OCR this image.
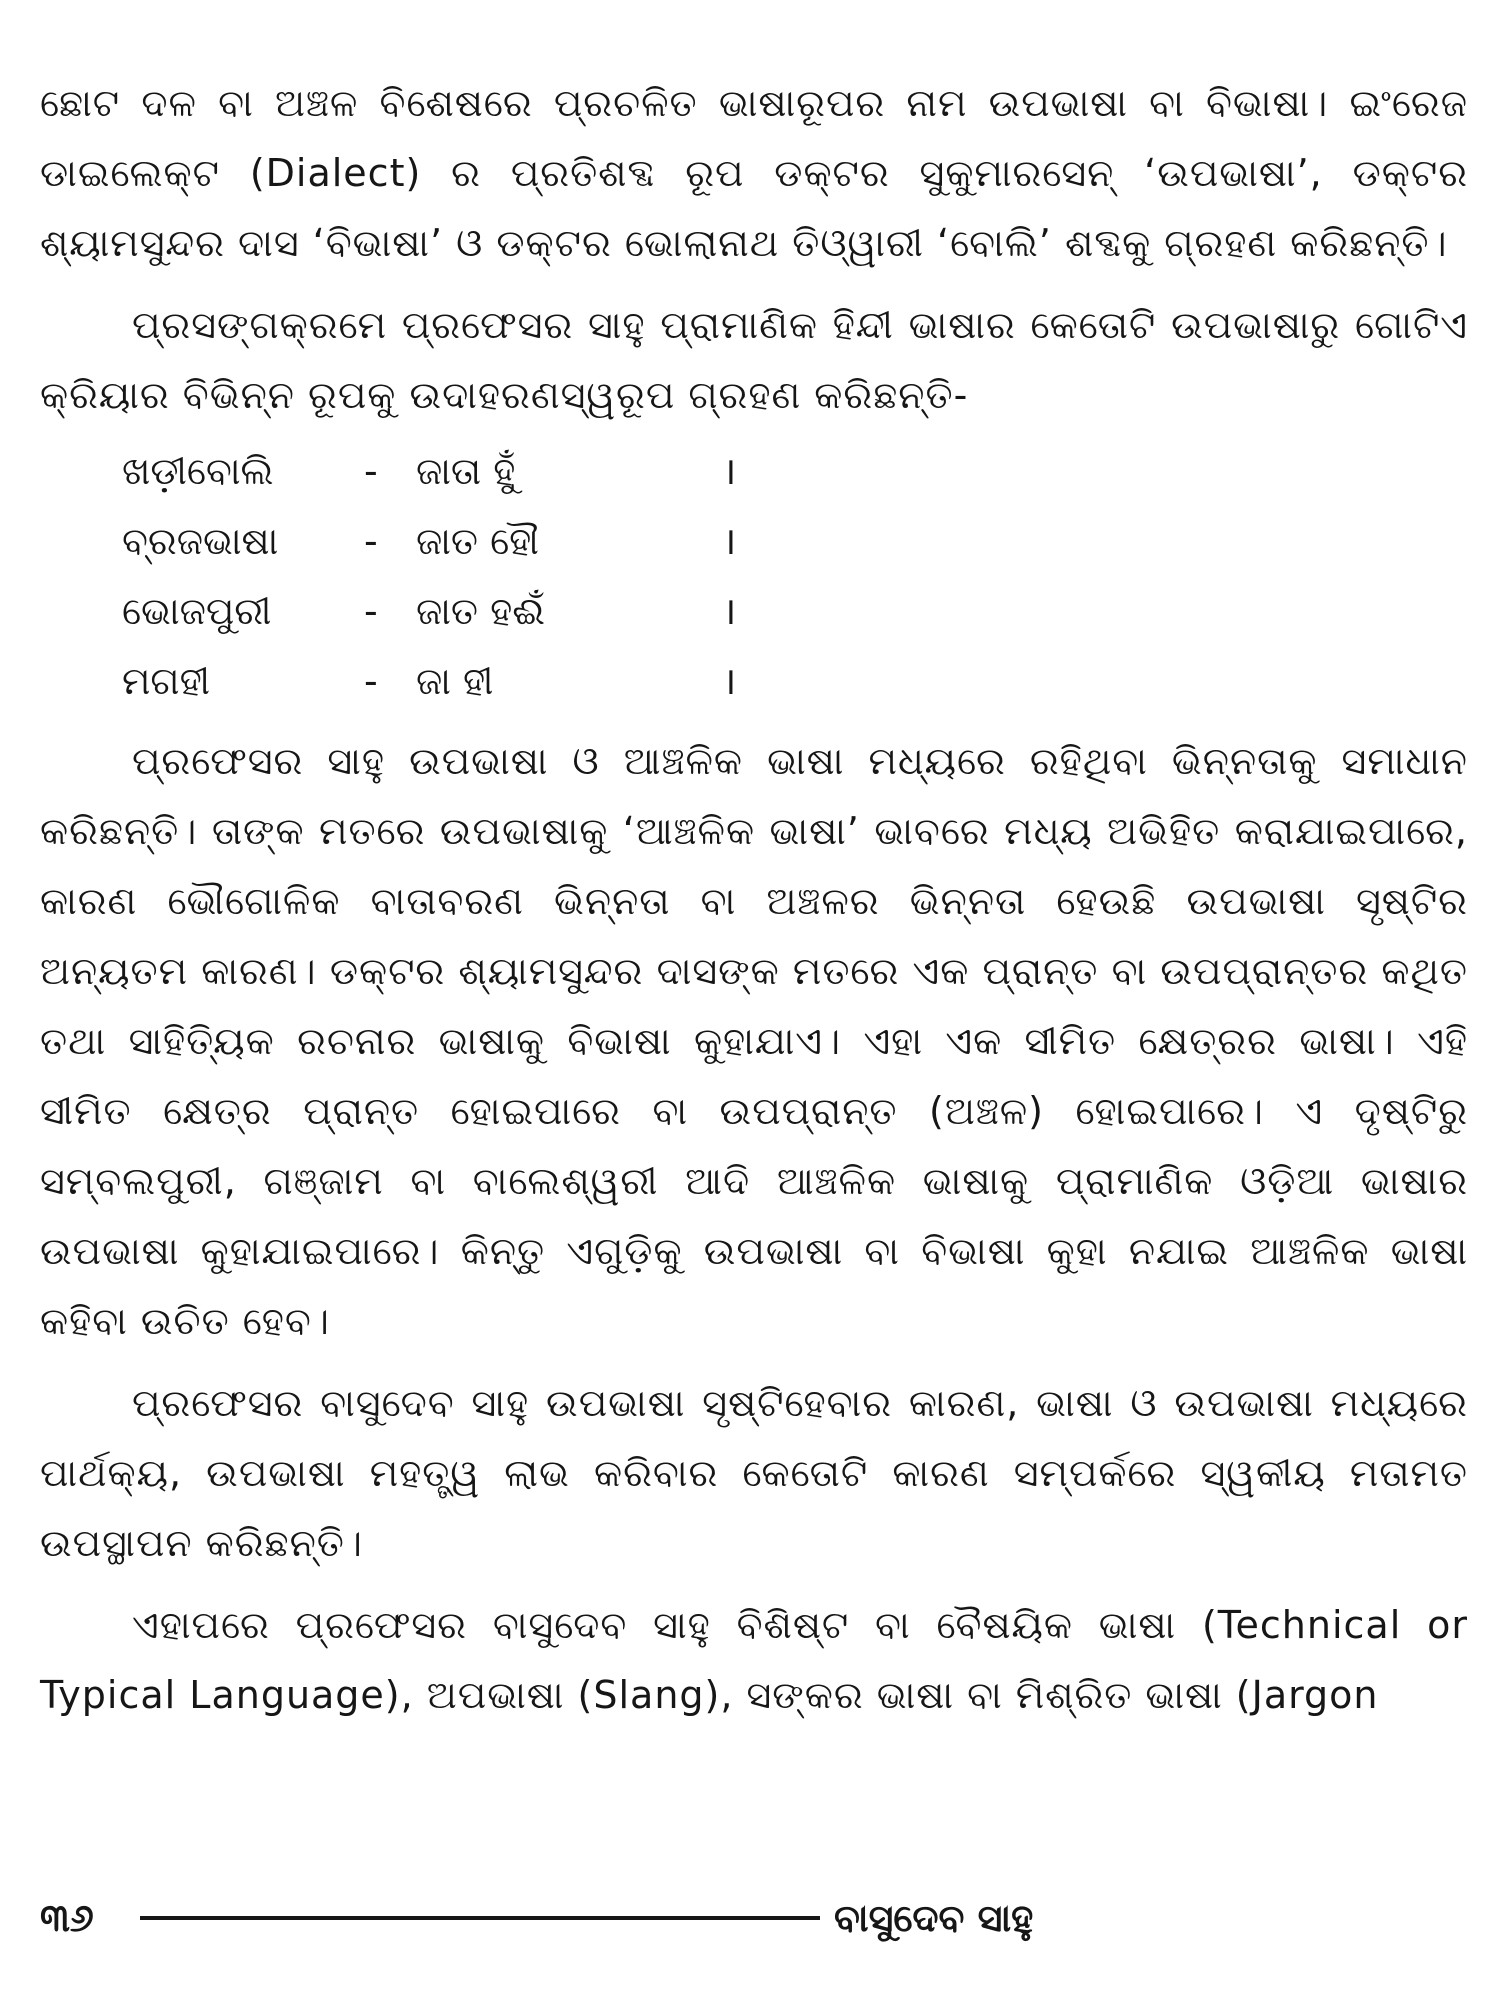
ଛୋଟ ଦଳ ବା ଅଞ୍ଚଳ ବିଶେଷରେ ପ୍ରଚଳିତ ଭାଷାରୂପର ନାମ ଉପଭାଷା ବା ବିଭାଷା। ଇଂରେଜ ଡାଇଲେକ୍ଟ (Dialect) ର ପ୍ରତିଶବ୍ଦ ରୂପ ଡକ୍ଟର ସୁକୁମାରସେନ୍ ‘ଉପଭାଷା’, ଡକ୍ଟର ଶ୍ୟାମସୁନ୍ଦର ଦାସ ‘ବିଭାଷା’ ଓ ଡକ୍ଟର ଭୋଲାନାଥ ତିଓ୍ୱାରୀ ‘ବୋଲି’ ଶବ୍ଦକୁ ଗ୍ରହଣ କରିଛନ୍ତି।

ପ୍ରସଙ୍ଗକ୍ରମେ ପ୍ରଫେସର ସାହୁ ପ୍ରାମାଣିକ ହିନ୍ଦୀ ଭାଷାର କେତୋଟି ଉପଭାଷାରୁ ଗୋଟିଏ କ୍ରିୟାର ବିଭିନ୍ନ ରୂପକୁ ଉଦାହରଣସ୍ୱରୂପ ଗ୍ରହଣ କରିଛନ୍ତି-

ଖଡ଼ୀବୋଲି	-	ଜାତା ହୁଁ	।
ବ୍ରଜଭାଷା	-	ଜାତ ହୌ	।
ଭୋଜପୁରୀ	-	ଜାତ ହଈଁ	।
ମଗହୀ	-	ଜା ହୀ	।

ପ୍ରଫେସର ସାହୁ ଉପଭାଷା ଓ ଆଞ୍ଚଳିକ ଭାଷା ମଧ୍ୟରେ ରହିଥିବା ଭିନ୍ନତାକୁ ସମାଧାନ କରିଛନ୍ତି। ତାଙ୍କ ମତରେ ଉପଭାଷାକୁ ‘ଆଞ୍ଚଳିକ ଭାଷା’ ଭାବରେ ମଧ୍ୟ ଅଭିହିତ କରାଯାଇପାରେ, କାରଣ ଭୌଗୋଳିକ ବାତାବରଣ ଭିନ୍ନତା ବା ଅଞ୍ଚଳର ଭିନ୍ନତା ହେଉଛି ଉପଭାଷା ସୃଷ୍ଟିର ଅନ୍ୟତମ କାରଣ। ଡକ୍ଟର ଶ୍ୟାମସୁନ୍ଦର ଦାସଙ୍କ ମତରେ ଏକ ପ୍ରାନ୍ତ ବା ଉପପ୍ରାନ୍ତର କଥିତ ତଥା ସାହିତ୍ୟିକ ରଚନାର ଭାଷାକୁ ବିଭାଷା କୁହାଯାଏ। ଏହା ଏକ ସୀମିତ କ୍ଷେତ୍ରର ଭାଷା। ଏହି ସୀମିତ କ୍ଷେତ୍ର ପ୍ରାନ୍ତ ହୋଇପାରେ ବା ଉପପ୍ରାନ୍ତ (ଅଞ୍ଚଳ) ହୋଇପାରେ। ଏ ଦୃଷ୍ଟିରୁ ସମ୍ବଲପୁରୀ, ଗଞ୍ଜାମ ବା ବାଲେଶ୍ୱରୀ ଆଦି ଆଞ୍ଚଳିକ ଭାଷାକୁ ପ୍ରାମାଣିକ ଓଡ଼ିଆ ଭାଷାର ଉପଭାଷା କୁହାଯାଇପାରେ। କିନ୍ତୁ ଏଗୁଡ଼ିକୁ ଉପଭାଷା ବା ବିଭାଷା କୁହା ନଯାଇ ଆଞ୍ଚଳିକ ଭାଷା କହିବା ଉଚିତ ହେବ।

ପ୍ରଫେସର ବାସୁଦେବ ସାହୁ ଉପଭାଷା ସୃଷ୍ଟିହେବାର କାରଣ, ଭାଷା ଓ ଉପଭାଷା ମଧ୍ୟରେ ପାର୍ଥକ୍ୟ, ଉପଭାଷା ମହତ୍ତ୍ୱ ଲାଭ କରିବାର କେତୋଟି କାରଣ ସମ୍ପର୍କରେ ସ୍ୱକୀୟ ମତାମତ ଉପସ୍ଥାପନ କରିଛନ୍ତି।

ଏହାପରେ ପ୍ରଫେସର ବାସୁଦେବ ସାହୁ ବିଶିଷ୍ଟ ବା ବୈଷୟିକ ଭାଷା (Technical or Typical Language), ଅପଭାଷା (Slang), ସଙ୍କର ଭାଷା ବା ମିଶ୍ରିତ ଭାଷା (Jargon

୩୬	ବାସୁଦେବ ସାହୁ
